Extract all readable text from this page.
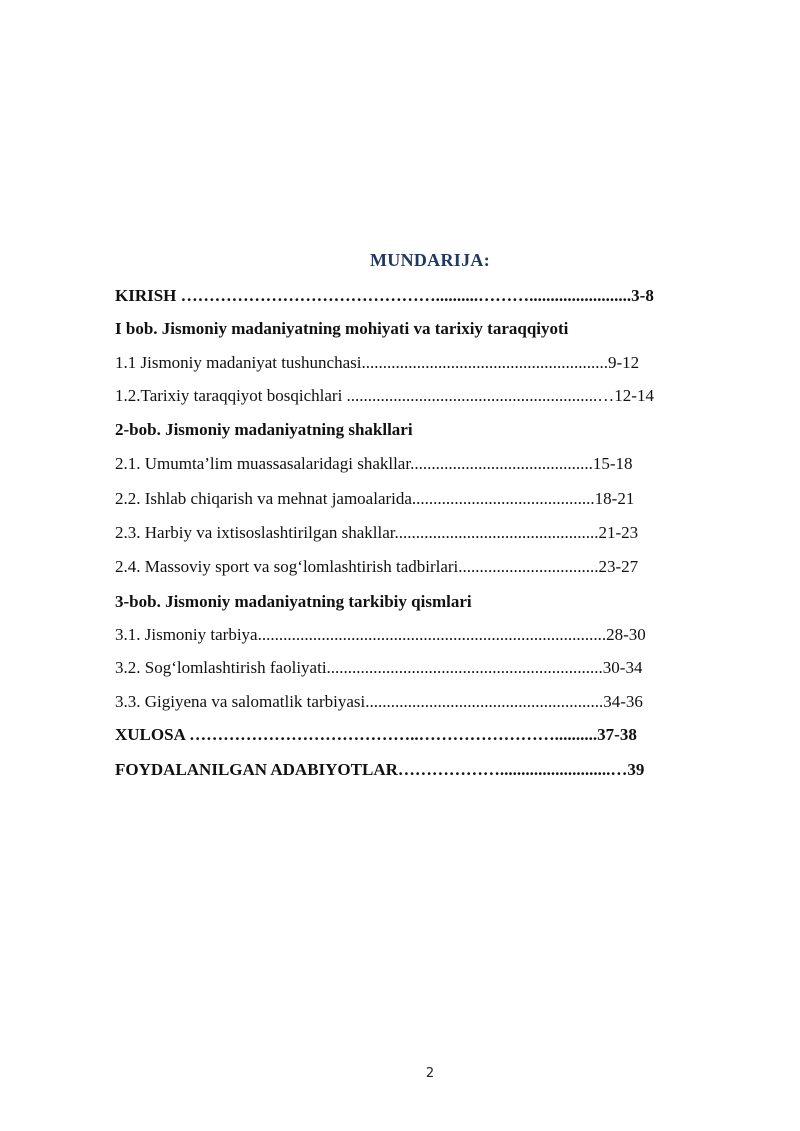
MUNDARIJA:
KIRISH ………………………………………..........………........................3-8
I bob. Jismoniy madaniyatning mohiyati va tarixiy taraqqiyoti
1.1 Jismoniy madaniyat tushunchasi..........................................................9-12
1.2.Tarixiy taraqqiyot bosqichlari ...........................................................…12-14
2-bob. Jismoniy madaniyatning shakllari
2.1. Umumta’lim muassasalaridagi shakllar...........................................15-18
2.2. Ishlab chiqarish va mehnat jamoalarida...........................................18-21
2.3. Harbiy va ixtisoslashtirilgan shakllar................................................21-23
2.4. Massoviy sport va sog‘lomlashtirish tadbirlari.................................23-27
3-bob. Jismoniy madaniyatning tarkibiy qismlari
3.1. Jismoniy tarbiya..................................................................................28-30
3.2. Sog‘lomlashtirish faoliyati.................................................................30-34
3.3. Gigiyena va salomatlik tarbiyasi........................................................34-36
XULOSA …………………………………..……………………..........37-38
FOYDALANILGAN ADABIYOTLAR………………..........................…39
2
